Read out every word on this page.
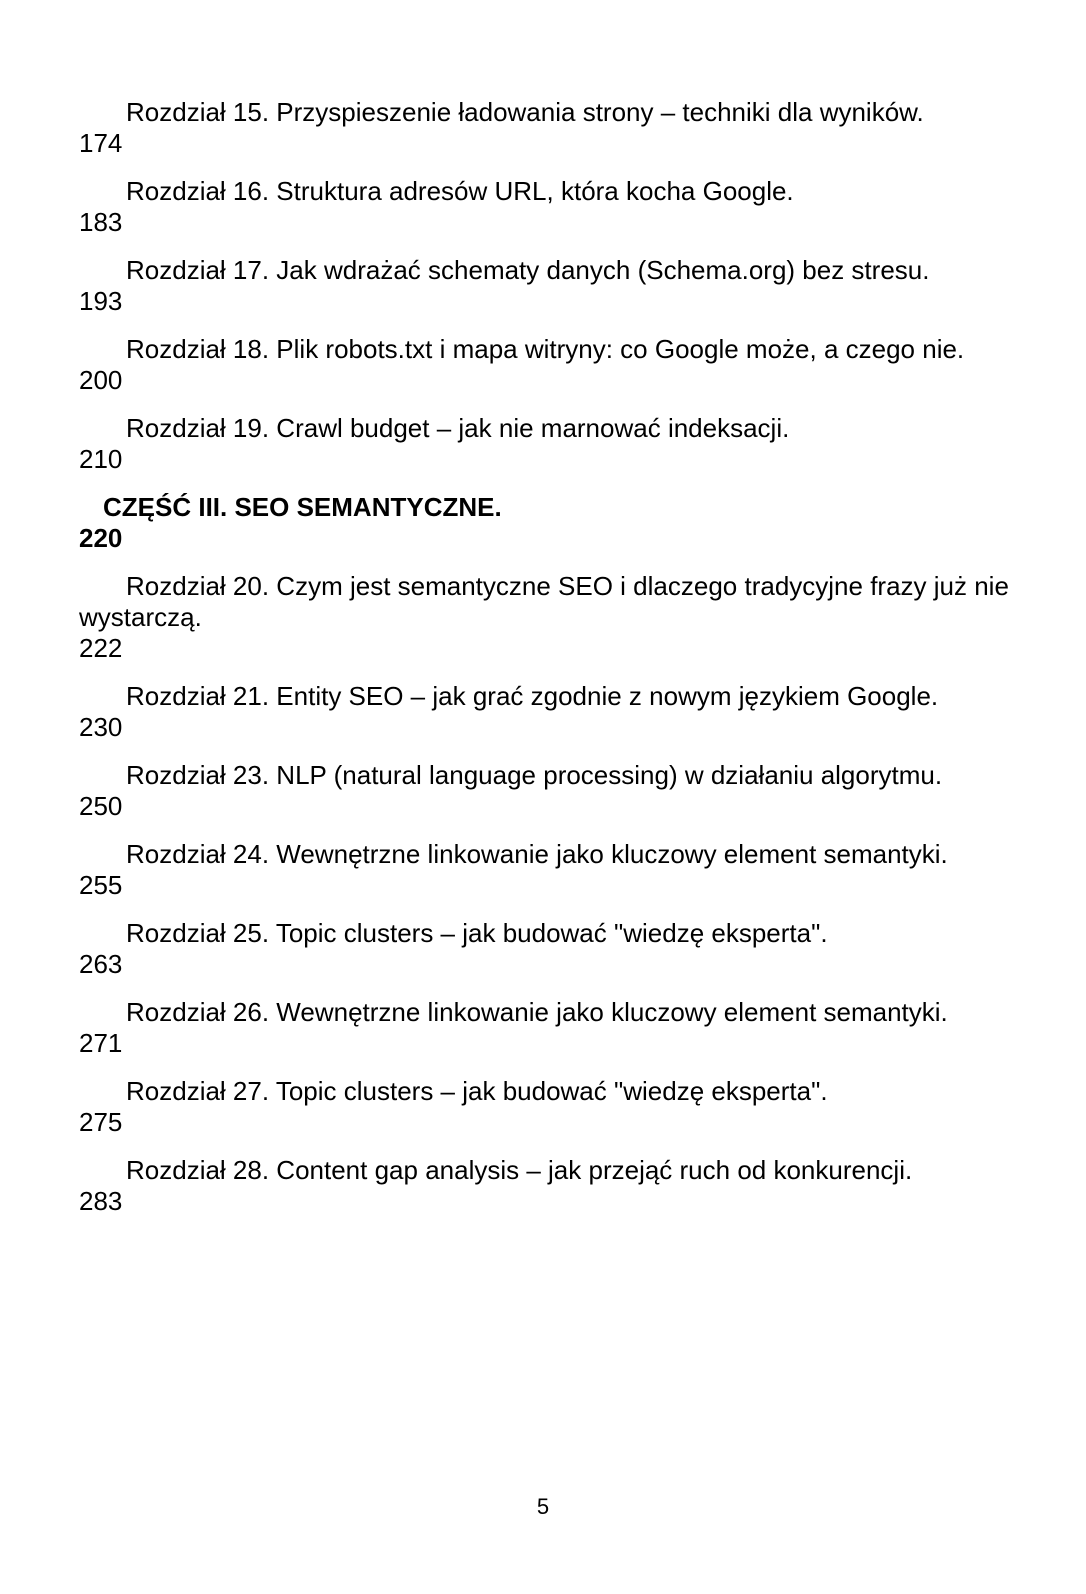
Rozdział 15. Przyspieszenie ładowania strony – techniki dla wyników.
174
Rozdział 16. Struktura adresów URL, która kocha Google.
183
Rozdział 17. Jak wdrażać schematy danych (Schema.org) bez stresu.
193
Rozdział 18. Plik robots.txt i mapa witryny: co Google może, a czego nie.
200
Rozdział 19. Crawl budget – jak nie marnować indeksacji.
210
CZĘŚĆ III. SEO SEMANTYCZNE.
220
Rozdział 20. Czym jest semantyczne SEO i dlaczego tradycyjne frazy już nie wystarczą.
222
Rozdział 21. Entity SEO – jak grać zgodnie z nowym językiem Google.
230
Rozdział 23. NLP (natural language processing) w działaniu algorytmu.
250
Rozdział 24. Wewnętrzne linkowanie jako kluczowy element semantyki.
255
Rozdział 25. Topic clusters – jak budować "wiedzę eksperta".
263
Rozdział 26. Wewnętrzne linkowanie jako kluczowy element semantyki.
271
Rozdział 27. Topic clusters – jak budować "wiedzę eksperta".
275
Rozdział 28. Content gap analysis – jak przejąć ruch od konkurencji.
283
5
